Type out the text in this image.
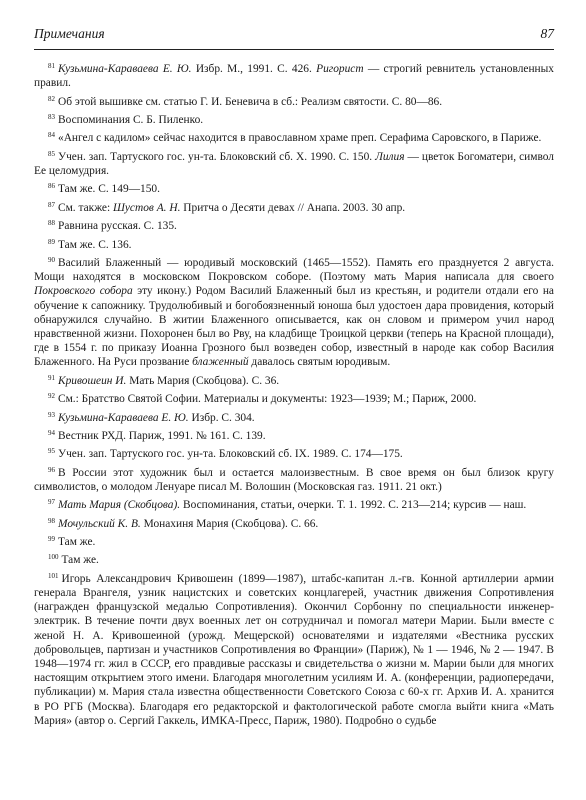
Примечания	87

$^{81}$ Кузьмина-Караваева Е. Ю. Избр. М., 1991. С. 426. Ригорист — строгий ревнитель установленных правил.

$^{82}$ Об этой вышивке см. статью Г. И. Беневича в сб.: Реализм святости. С. 80—86.

$^{83}$ Воспоминания С. Б. Пиленко.

$^{84}$ «Ангел с кадилом» сейчас находится в православном храме преп. Серафима Саровского, в Париже.

$^{85}$ Учен. зап. Тартуского гос. ун-та. Блоковский сб. X. 1990. С. 150. Лилия — цветок Богоматери, символ Ее целомудрия.

$^{86}$ Там же. С. 149—150.

$^{87}$ См. также: Шустов А. Н. Притча о Десяти девах // Анапа. 2003. 30 апр.

$^{88}$ Равнина русская. С. 135.

$^{89}$ Там же. С. 136.

$^{90}$ Василий Блаженный — юродивый московский (1465—1552). Память его празднуется 2 августа. Мощи находятся в московском Покровском соборе. (Поэтому мать Мария написала для своего Покровского собора эту икону.) Родом Василий Блаженный был из крестьян, и родители отдали его на обучение к сапожнику. Трудолюбивый и богобоязненный юноша был удостоен дара провидения, который обнаружился случайно. В житии Блаженного описывается, как он словом и примером учил народ нравственной жизни. Похоронен был во Рву, на кладбище Троицкой церкви (теперь на Красной площади), где в 1554 г. по приказу Иоанна Грозного был возведен собор, известный в народе как собор Василия Блаженного. На Руси прозвание блаженный давалось святым юродивым.

$^{91}$ Кривошеин И. Мать Мария (Скобцова). С. 36.

$^{92}$ См.: Братство Святой Софии. Материалы и документы: 1923—1939; М.; Париж, 2000.

$^{93}$ Кузьмина-Караваева Е. Ю. Избр. С. 304.

$^{94}$ Вестник РХД. Париж, 1991. № 161. С. 139.

$^{95}$ Учен. зап. Тартуского гос. ун-та. Блоковский сб. IX. 1989. С. 174—175.

$^{96}$ В России этот художник был и остается малоизвестным. В свое время он был близок кругу символистов, о молодом Ленуаре писал М. Волошин (Московская газ. 1911. 21 окт.)

$^{97}$ Мать Мария (Скобцова). Воспоминания, статьи, очерки. Т. 1. 1992. С. 213—214; курсив — наш.

$^{98}$ Мочульский К. В. Монахиня Мария (Скобцова). С. 66.

$^{99}$ Там же.

$^{100}$ Там же.

$^{101}$ Игорь Александрович Кривошеин (1899—1987), штабс-капитан л.-гв. Конной артиллерии армии генерала Врангеля, узник нацистских и советских концлагерей, участник движения Сопротивления (награжден французской медалью Сопротивления). Окончил Сорбонну по специальности инженер-электрик. В течение почти двух военных лет он сотрудничал и помогал матери Марии. Были вместе с женой Н. А. Кривошеиной (урожд. Мещерской) основателями и издателями «Вестника русских добровольцев, партизан и участников Сопротивления во Франции» (Париж), № 1 — 1946, № 2 — 1947. В 1948—1974 гг. жил в СССР, его правдивые рассказы и свидетельства о жизни м. Марии были для многих настоящим открытием этого имени. Благодаря многолетним усилиям И. А. (конференции, радиопередачи, публикации) м. Мария стала известна общественности Советского Союза с 60-х гг. Архив И. А. хранится в РО РГБ (Москва). Благодаря его редакторской и фактологической работе смогла выйти книга «Мать Мария» (автор о. Сергий Гаккель, ИМКА-Пресс, Париж, 1980). Подробно о судьбе
